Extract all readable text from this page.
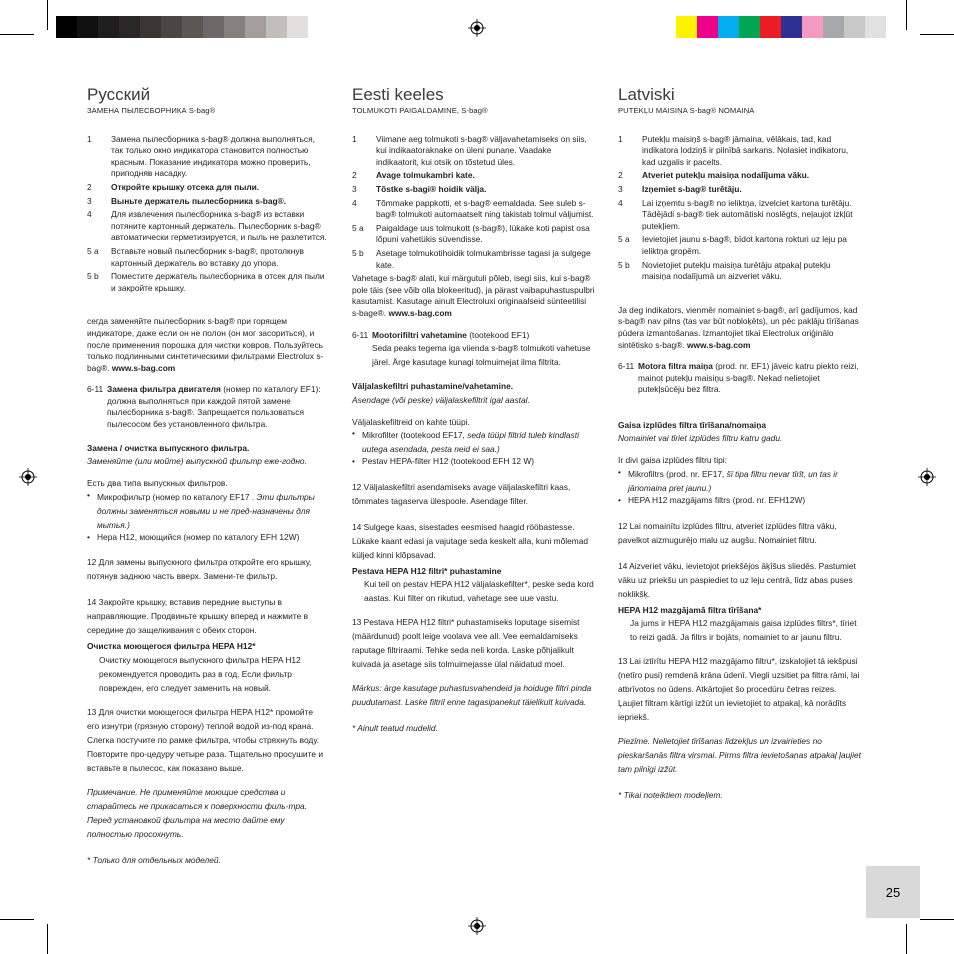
Русский
ЗАМЕНА ПЫЛЕСБОРНИКА S-bag®
1	Замена пылесборника s-bag® должна выполняться, так только окно индикатора становится полностью красным. Показание индикатора можно проверить, приподняв насадку.
2	Откройте крышку отсека для пыли.
3	Выньте держатель пылесборника s-bag®.
4	Для извлечения пылесборника s-bag® из вставки потяните картонный держатель. Пылесборник s-bag® автоматически герметизируется, и пыль не разлетится.
5 a	Вставьте новый пылесборник s-bag®, протолкнув картонный держатель во вставку до упора.
5 b	Поместите держатель пылесборника в отсек для пыли и закройте крышку.
сегда заменяйте пылесборник s-bag® при горящем индикаторе, даже если он не полон (он мог засориться), и после применения порошка для чистки ковров. Пользуйтесь только подлинными синтетическими фильтрами Electrolux s-bag®. www.s-bag.com
6-11 Замена фильтра двигателя (номер по каталогу EF1): должна выполняться при каждой пятой замене пылесборника s-bag®. Запрещается пользоваться пылесосом без установленного фильтра.
Замена / очистка выпускного фильтра.
Заменяйте (или мойте) выпускной фильтр еже-годно.
Есть два типа выпускных фильтров.
• Микрофильтр (номер по каталогу EF17 . Эти фильтры должны заменяться новыми и не пред-назначены для мытья.)
• Нера H12, моющийся (номер по каталогу EFH 12W)
12 Для замены выпускного фильтра откройте его крышку, потянув заднюю часть вверх. Замени-те фильтр.
14 Закройте крышку, вставив передние выступы в направляющие. Продвиньте крышку вперед и нажмите в середине до защелкивания с обеих сторон.
Очистка моющегося фильтра HEPA H12*
Очистку моющегося выпускного фильтра HEPA H12 рекомендуется проводить раз в год. Если фильтр поврежден, его следует заменить на новый.
13 Для очистки моющегося фильтра HEPA H12* промойте его изнутри (грязную сторону) теплой водой из-под крана. Слегка постучите по рамке фильтра, чтобы стряхнуть воду. Повторите про-цедуру четыре раза. Тщательно просушите и вставьте в пылесос, как показано выше.
Примечание. Не применяйте моющие средства и старайтесь не прикасаться к поверхности филь-тра. Перед установкой фильтра на место дайте ему полностью просохнуть.
* Только для отдельных моделей.
Eesti keeles
TOLMUKOTI PAIGALDAMINE, S-bag®
1	Viimane aeg tolmukoti s-bag® väljavahetamiseks on siis, kui indikaatoraknake on üleni punane. Vaadake indikaatorit, kui otsik on tõstetud üles.
2	Avage tolmukambri kate.
3	Tõstke s-bagi® hoidik välja.
4	Tõmmake pappkotti, et s-bag® eemaldada. See suleb s-bag® tolmukoti automaatselt ning takistab tolmul väljumist.
5 a	Paigaldage uus tolmukott (s-bag®), lükake koti papist osa lõpuni vahetükis süvendisse.
5 b	Asetage tolmukotihoidik tolmukambrisse tagasi ja sulgege kate.
Vahetage s-bag® alati, kui märgutuli põleb, isegi siis, kui s-bag® pole täis (see võib olla blokeeritud), ja pärast vaibapuhastuspulbri kasutamist. Kasutage ainult Electroluxi originaalseid sünteetilisi s-bage®. www.s-bag.com
6-11 Mootorifiltri vahetamine (tootekood EF1)
Seda peaks tegema iga viienda s-bag® tolmukoti vahetuse järel. Ärge kasutage kunagi tolmuimejat ilma filtrita.
Väljalaskefiltri puhastamine/vahetamine.
Asendage (või peske) väljalaskefiltrit igal aastal.
Väljalaskefiltreid on kahte tüüpi.
• Mikrofilter (tootekood EF17, sedа tüüpi filtrid tuleb kindlasti uutega asendada, pesta neid ei saa.)
• Pestav HEPA-filter H12 (tootekood EFH 12 W)
12 Väljalaskefiltri asendamiseks avage väljalaskefiltri kaas, tõmmates tagaserva ülespoole. Asendage filter.
14 Sulgege kaas, sisestades eesmised haagid rööbastesse. Lükake kaant edasi ja vajutage seda keskelt alla, kuni mõlemad küljed kinni klõpsavad.
Pestava HEPA H12 filtri* puhastamine
Kui teil on pestav HEPA H12 väljalaskefilter*, peske seda kord aastas. Kui filter on rikutud, vahetage see uue vastu.
13 Pestava HEPA H12 filtri* puhastamiseks loputage sisemist (määrdunud) poolt leige voolava vee all. Vee eemaldamiseks raputage filtriraami. Tehke seda neli korda. Laske põhjalikult kuivada ja asetage siis tolmuimejasse ülal näidatud moel.
Märkus: ärge kasutage puhastusvahendeid ja hoiduge filtri pinda puudutamast. Laske filtril enne tagasipanekut täielikult kuivada.
* Ainult teatud mudelid.
Latviski
PUTEKĻU MAISIŅA S-bag® NOMAIŅA
1	Putekļu maisiņš s-bag® jāmaina, vēlākais, tad, kad indikatora lodziņš ir pilnībā sarkans. Nolasiet indikatoru, kad uzgalis ir pacelts.
2	Atveriet putekļu maisiņa nodalījuma vāku.
3	Izņemiet s-bag® turētāju.
4	Lai izņemtu s-bag® no ieliktņa, izvelciet kartona turētāju. Tādējādi s-bag® tiek automātiski noslēgts, neļaujot izkļūt putekļiem.
5 a	Ievietojiet jaunu s-bag®, bīdot kartona rokturi uz leju pa ieliktņa gropēm.
5 b	Novietojiet putekļu maisiņa turētāju atpakaļ putekļu maisiņa nodalījumā un aizveriet vāku.
Ja deg indikators, vienmēr nomainiet s-bag®, arī gadījumos, kad s-bag® nav pilns (tas var būt nobloķēts), un pēc paklāju tīrīšanas pūdera izmantošanas. Izmantojiet tikai Electrolux oriģinālo sintētisko s-bag®. www.s-bag.com
6-11 Motora filtra maiņa (prod. nr. EF1) jāveic katru piekto reizi, mainot putekļu maisiņu s-bag®. Nekad nelietojiet putekļsūcēju bez filtra.
Gaisa izplūdes filtra tīrīšana/nomaiņa
Nomainiet vai tīriet izplūdes filtru katru gadu.
Ir divi gaisa izplūdes filtru tipi:
• Mikrofiltrs (prod. nr. EF17, šī tipa filtru nevar tīrīt, un tas ir jānomaina pret jaunu.)
• HEPA H12 mazgājams filtrs (prod. nr. EFH12W)
12 Lai nomainītu izplūdes filtru, atveriet izplūdes filtra vāku, pavelkot aizmugurējo malu uz augšu. Nomainiet filtru.
14 Aizveriet vāku, ievietojot priekšējos āķīšus sliedēs. Pastumiet vāku uz priekšu un paspiediet to uz leju centrā, līdz abas puses noklikšķ.
HEPA H12 mazgājamā filtra tīrīšana*
Ja jums ir HEPA H12 mazgājamais gaisa izplūdes filtrs*, tīriet to reizi gadā. Ja filtrs ir bojāts, nomainiet to ar jaunu filtru.
13 Lai iztīrītu HEPA H12 mazgājamo filtru*, izskalojiet tā iekšpusi (netīro pusi) remdenā krāna ūdenī. Viegli uzsitiet pa filtra rāmi, lai atbrīvotos no ūdens. Atkārtojiet šo procedūru četras reizes. Ļaujiet filtram kārtīgi izžūt un ievietojiet to atpakaļ, kā norādīts iepriekš.
Piezīme. Nelietojiet tīrīšanas līdzekļus un izvairieties no pieskaršanās filtra virsmai. Pirms filtra ievietošanas atpakaļ ļaujiet tam pilnīgi izžūt.
* Tikai noteiktiem modeļiem.
25
